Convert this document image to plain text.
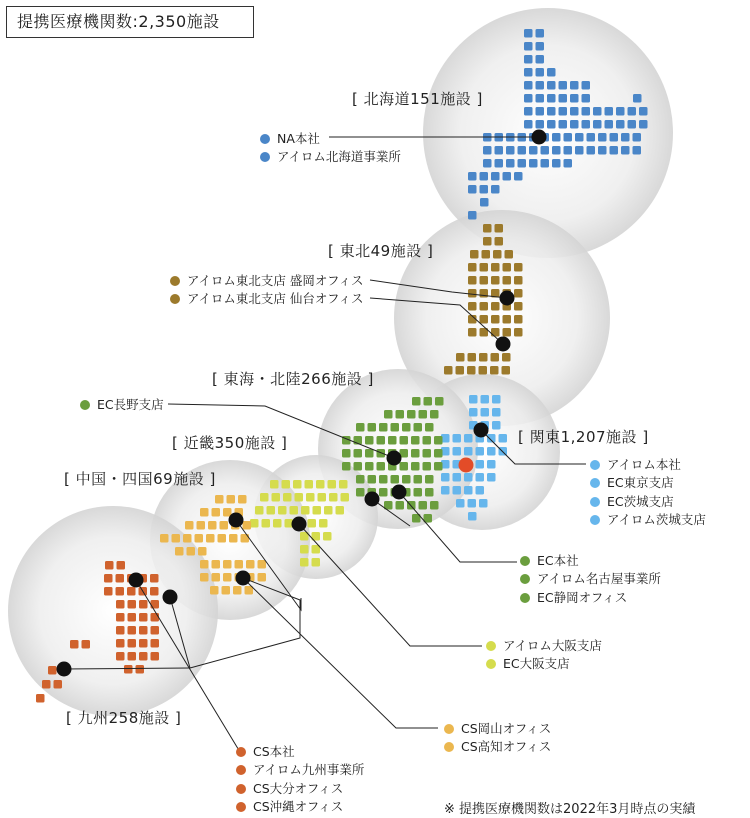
提携医療機関数:2,350施設
[ 北海道151施設 ]
[ 東北49施設 ]
[ 東海・北陸266施設 ]
[ 関東1,207施設 ]
[ 近畿350施設 ]
[ 中国・四国69施設 ]
[ 九州258施設 ]
NA本社
アイロム北海道事業所
アイロム東北支店 盛岡オフィス
アイロム東北支店 仙台オフィス
EC長野支店
アイロム本社
EC東京支店
EC茨城支店
アイロム茨城支店
EC本社
アイロム名古屋事業所
EC静岡オフィス
アイロム大阪支店
EC大阪支店
CS岡山オフィス
CS高知オフィス
CS本社
アイロム九州事業所
CS大分オフィス
CS沖縄オフィス	※ 提携医療機関数は2022年3月時点の実績
